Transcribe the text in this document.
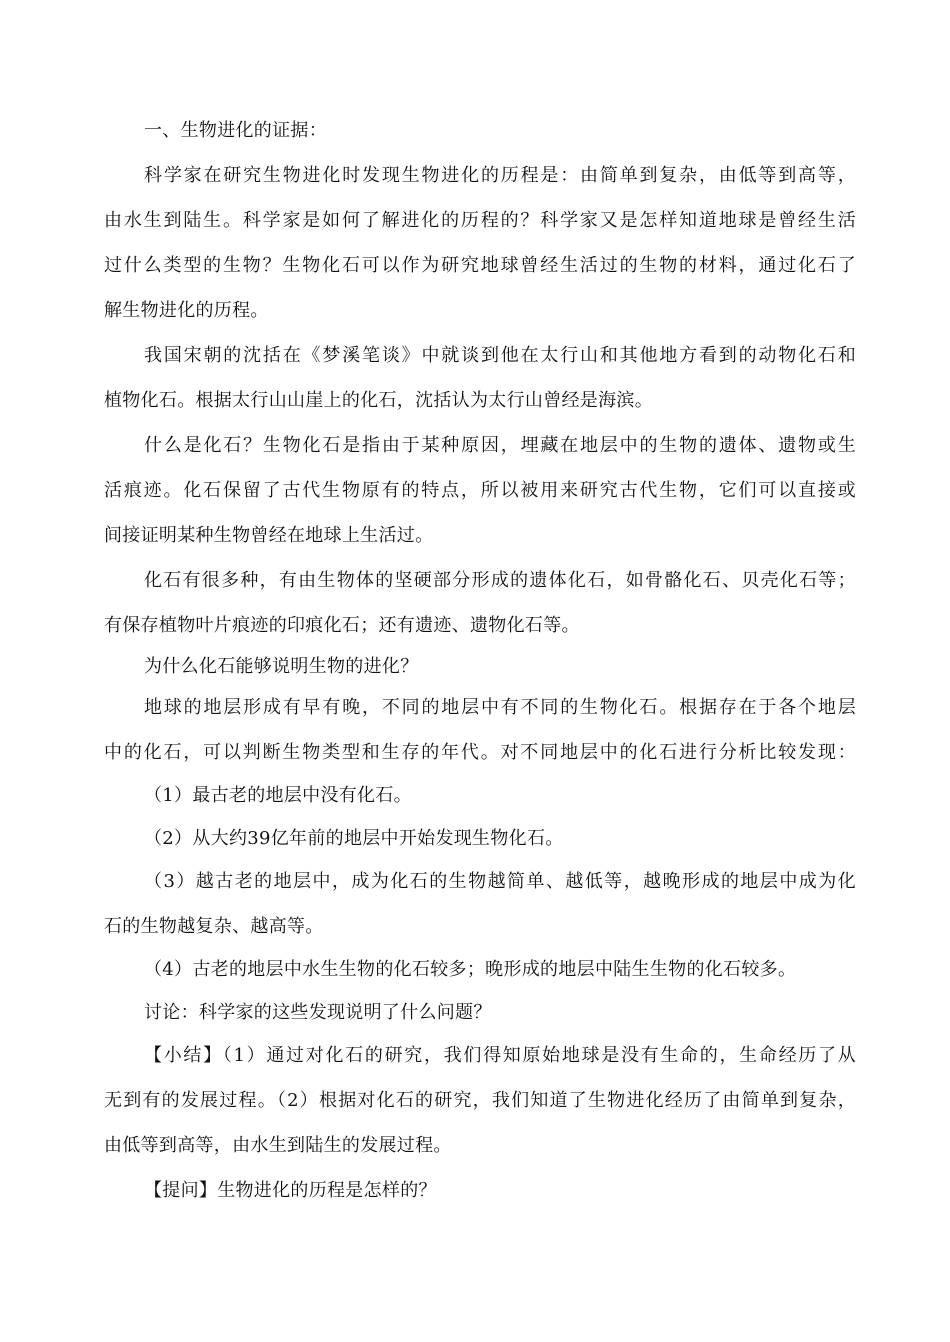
一、生物进化的证据：
科学家在研究生物进化时发现生物进化的历程是：由简单到复杂，由低等到高等，
由水生到陆生。科学家是如何了解进化的历程的？科学家又是怎样知道地球是曾经生活
过什么类型的生物？生物化石可以作为研究地球曾经生活过的生物的材料，通过化石了
解生物进化的历程。
我国宋朝的沈括在《梦溪笔谈》中就谈到他在太行山和其他地方看到的动物化石和
植物化石。根据太行山山崖上的化石，沈括认为太行山曾经是海滨。
什么是化石？生物化石是指由于某种原因，埋藏在地层中的生物的遗体、遗物或生
活痕迹。化石保留了古代生物原有的特点，所以被用来研究古代生物，它们可以直接或
间接证明某种生物曾经在地球上生活过。
化石有很多种，有由生物体的坚硬部分形成的遗体化石，如骨骼化石、贝壳化石等；
有保存植物叶片痕迹的印痕化石；还有遗迹、遗物化石等。
为什么化石能够说明生物的进化？
地球的地层形成有早有晚，不同的地层中有不同的生物化石。根据存在于各个地层
中的化石，可以判断生物类型和生存的年代。对不同地层中的化石进行分析比较发现：
（1）最古老的地层中没有化石。
（2）从大约39亿年前的地层中开始发现生物化石。
（3）越古老的地层中，成为化石的生物越简单、越低等，越晚形成的地层中成为化
石的生物越复杂、越高等。
（4）古老的地层中水生生物的化石较多；晚形成的地层中陆生生物的化石较多。
讨论：科学家的这些发现说明了什么问题？
【小结】（1）通过对化石的研究，我们得知原始地球是没有生命的，生命经历了从
无到有的发展过程。（2）根据对化石的研究，我们知道了生物进化经历了由简单到复杂，
由低等到高等，由水生到陆生的发展过程。
【提问】生物进化的历程是怎样的？
